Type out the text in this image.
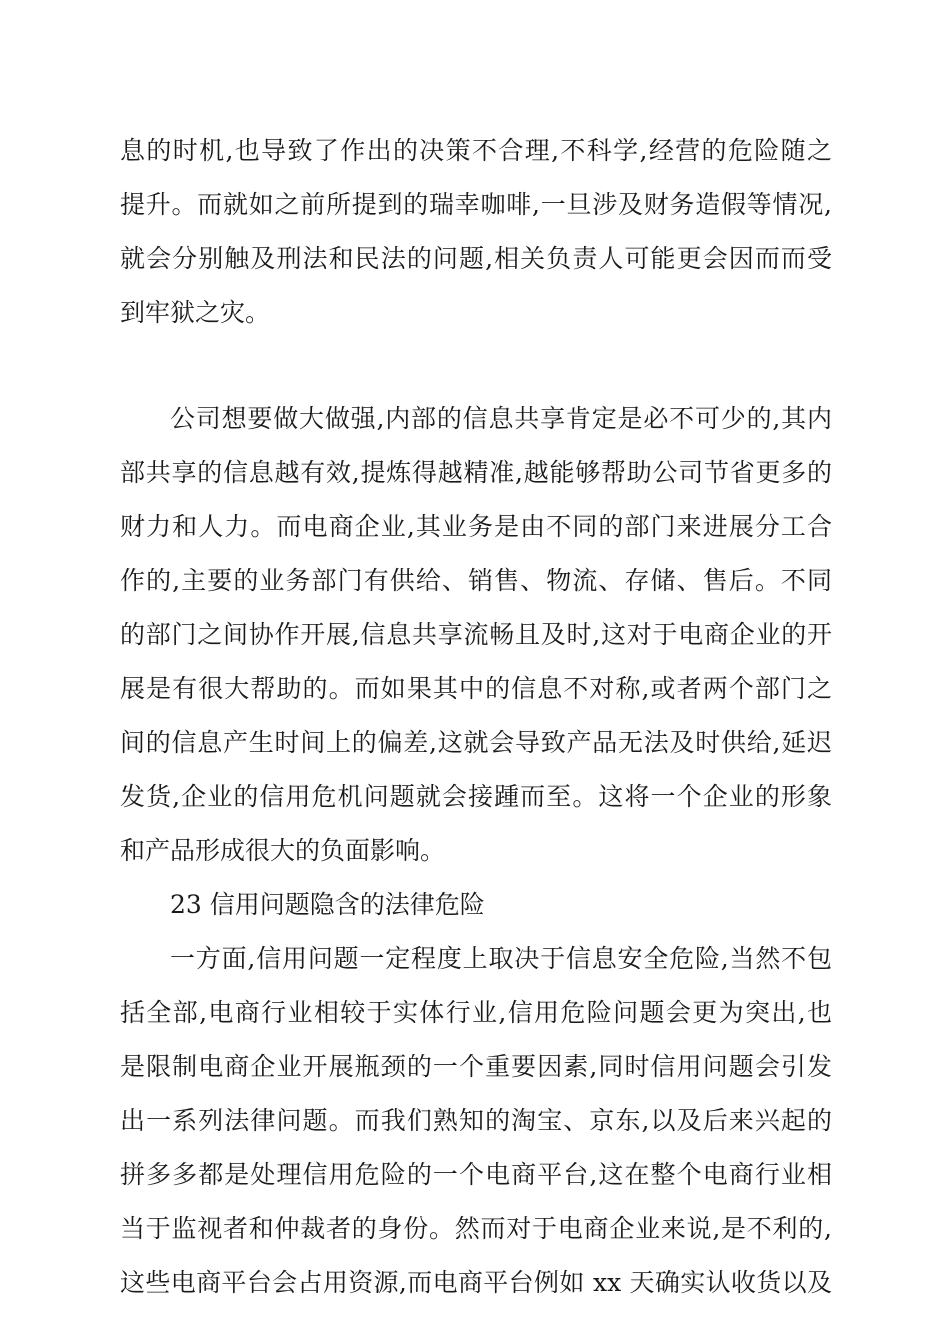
息的时机,也导致了作出的决策不合理,不科学,经营的危险随之
提升。而就如之前所提到的瑞幸咖啡,一旦涉及财务造假等情况,
就会分别触及刑法和民法的问题,相关负责人可能更会因而而受
到牢狱之灾。
公司想要做大做强,内部的信息共享肯定是必不可少的,其内
部共享的信息越有效,提炼得越精准,越能够帮助公司节省更多的
财力和人力。而电商企业,其业务是由不同的部门来进展分工合
作的,主要的业务部门有供给、销售、物流、存储、售后。不同
的部门之间协作开展,信息共享流畅且及时,这对于电商企业的开
展是有很大帮助的。而如果其中的信息不对称,或者两个部门之
间的信息产生时间上的偏差,这就会导致产品无法及时供给,延迟
发货,企业的信用危机问题就会接踵而至。这将一个企业的形象
和产品形成很大的负面影响。
23 信用问题隐含的法律危险
一方面,信用问题一定程度上取决于信息安全危险,当然不包
括全部,电商行业相较于实体行业,信用危险问题会更为突出,也
是限制电商企业开展瓶颈的一个重要因素,同时信用问题会引发
出一系列法律问题。而我们熟知的淘宝、京东,以及后来兴起的
拼多多都是处理信用危险的一个电商平台,这在整个电商行业相
当于监视者和仲裁者的身份。然而对于电商企业来说,是不利的,
这些电商平台会占用资源,而电商平台例如 xx 天确实认收货以及
